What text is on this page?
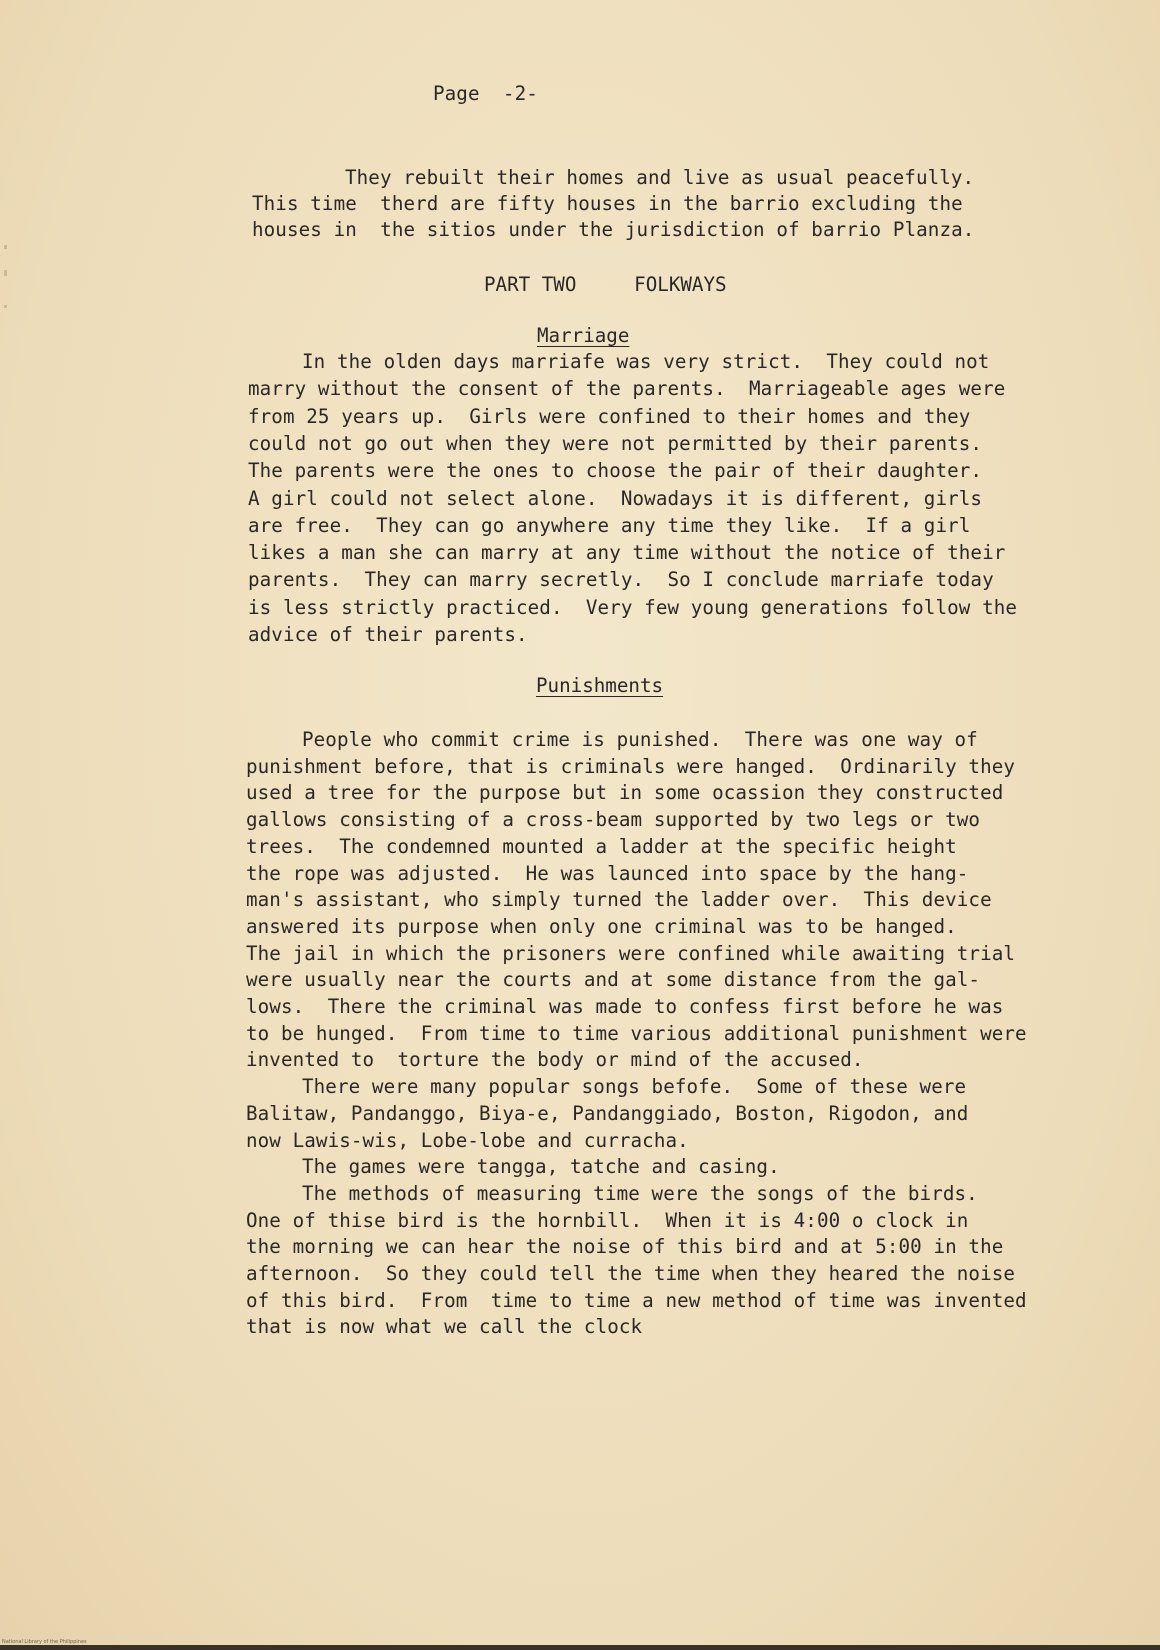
Page  -2-
They rebuilt their homes and live as usual peacefully.
This time  therd are fifty houses in the barrio excluding the
houses in  the sitios under the jurisdiction of barrio Planza.
PART TWO     FOLKWAYS
Marriage
In the olden days marriafe was very strict.  They could not
marry without the consent of the parents.  Marriageable ages were
from 25 years up.  Girls were confined to their homes and they
could not go out when they were not permitted by their parents.
The parents were the ones to choose the pair of their daughter.
A girl could not select alone.  Nowadays it is different, girls
are free.  They can go anywhere any time they like.  If a girl
likes a man she can marry at any time without the notice of their
parents.  They can marry secretly.  So I conclude marriafe today
is less strictly practiced.  Very few young generations follow the
advice of their parents.
Punishments
People who commit crime is punished.  There was one way of
punishment before, that is criminals were hanged.  Ordinarily they
used a tree for the purpose but in some ocassion they constructed
gallows consisting of a cross-beam supported by two legs or two
trees.  The condemned mounted a ladder at the specific height
the rope was adjusted.  He was launced into space by the hang-
man's assistant, who simply turned the ladder over.  This device
answered its purpose when only one criminal was to be hanged.
The jail in which the prisoners were confined while awaiting trial
were usually near the courts and at some distance from the gal-
lows.  There the criminal was made to confess first before he was
to be hunged.  From time to time various additional punishment were
invented to  torture the body or mind of the accused.
There were many popular songs befofe.  Some of these were
Balitaw, Pandanggo, Biya-e, Pandanggiado, Boston, Rigodon, and
now Lawis-wis, Lobe-lobe and curracha.
The games were tangga, tatche and casing.
The methods of measuring time were the songs of the birds.
One of thise bird is the hornbill.  When it is 4:00 o clock in
the morning we can hear the noise of this bird and at 5:00 in the
afternoon.  So they could tell the time when they heared the noise
of this bird.  From  time to time a new method of time was invented
that is now what we call the clock
National Library of the Philippines
